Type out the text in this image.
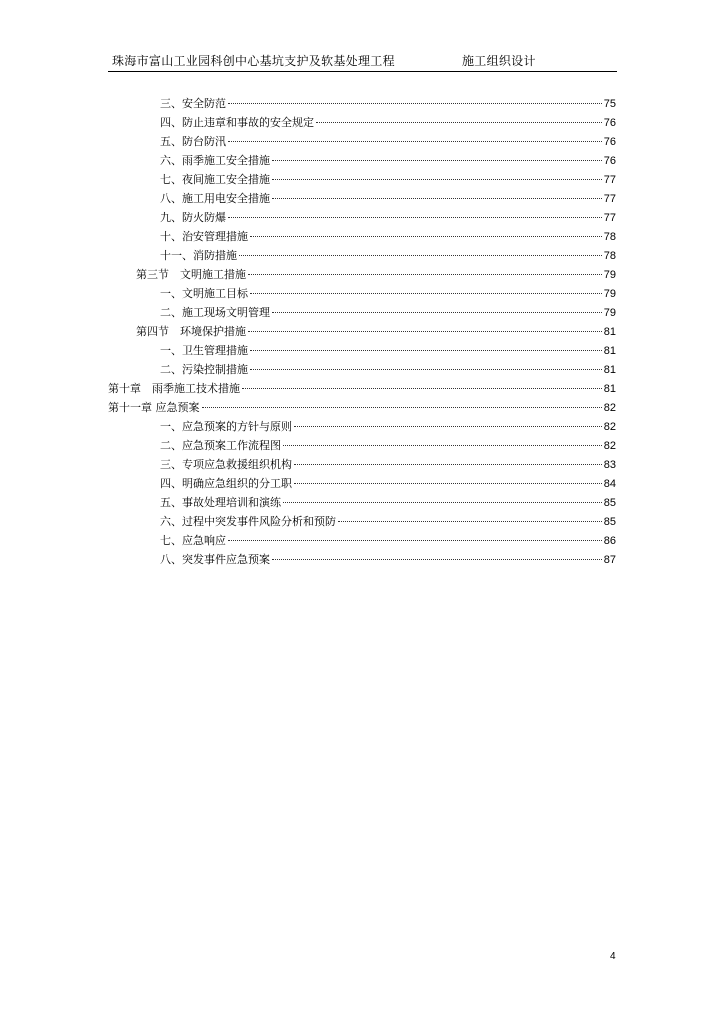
珠海市富山工业园科创中心基坑支护及软基处理工程	施工组织设计
三、安全防范	75
四、防止违章和事故的安全规定	76
五、防台防汛	76
六、雨季施工安全措施	76
七、夜间施工安全措施	77
八、施工用电安全措施	77
九、防火防爆	77
十、治安管理措施	78
十一、消防措施	78
第三节　文明施工措施	79
一、文明施工目标	79
二、施工现场文明管理	79
第四节　环境保护措施	81
一、卫生管理措施	81
二、污染控制措施	81
第十章　雨季施工技术措施	81
第十一章 应急预案	82
一、应急预案的方针与原则	82
二、应急预案工作流程图	82
三、专项应急救援组织机构	83
四、明确应急组织的分工职	84
五、事故处理培训和演练	85
六、过程中突发事件风险分析和预防	85
七、应急响应	86
八、突发事件应急预案	87
4
